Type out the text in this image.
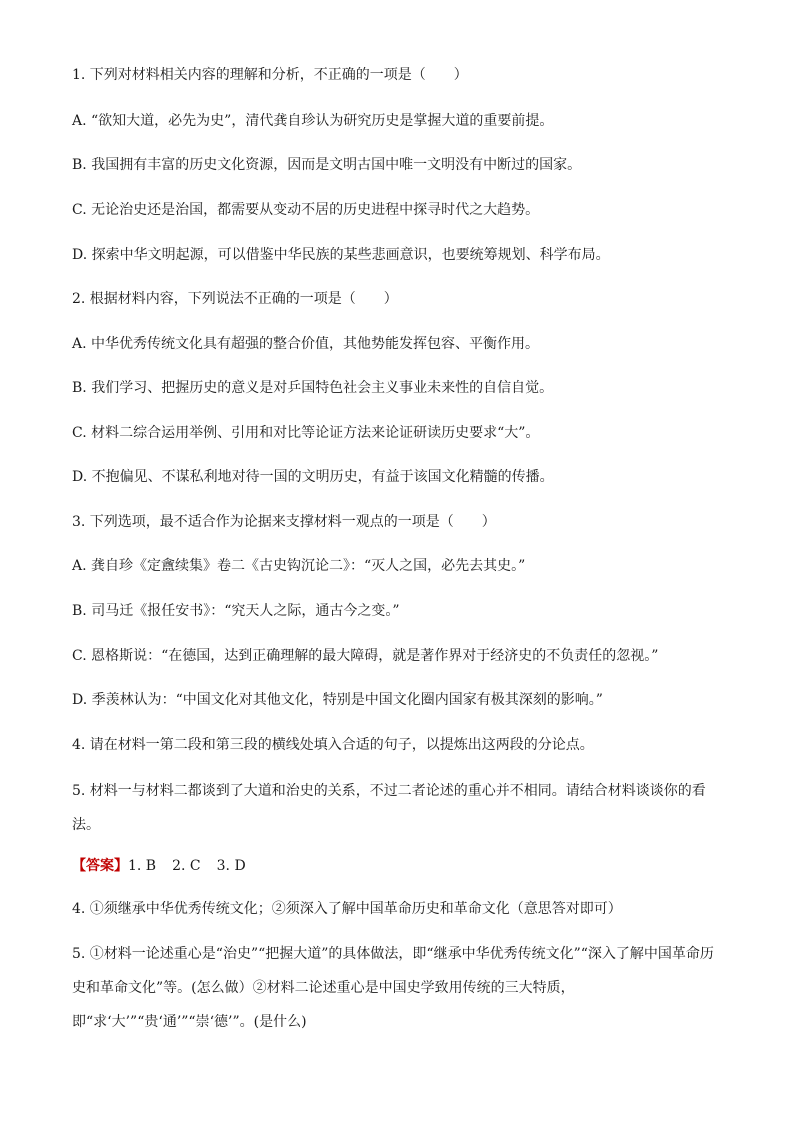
1. 下列对材料相关内容的理解和分析，不正确的一项是（　　）
A. “欲知大道，必先为史”，清代龚自珍认为研究历史是掌握大道的重要前提。
B. 我国拥有丰富的历史文化资源，因而是文明古国中唯一文明没有中断过的国家。
C. 无论治史还是治国，都需要从变动不居的历史进程中探寻时代之大趋势。
D. 探索中华文明起源，可以借鉴中华民族的某些悲画意识，也要统筹规划、科学布局。
2. 根据材料内容，下列说法不正确的一项是（　　）
A. 中华优秀传统文化具有超强的整合价值，其他势能发挥包容、平衡作用。
B. 我们学习、把握历史的意义是对乒国特色社会主义事业未来性的自信自觉。
C. 材料二综合运用举例、引用和对比等论证方法来论证研读历史要求“大”。
D. 不抱偏见、不谋私利地对待一国的文明历史，有益于该国文化精髓的传播。
3. 下列选项，最不适合作为论据来支撑材料一观点的一项是（　　）
A. 龚自珍《定盦续集》卷二《古史钩沉论二》：“灭人之国，必先去其史。”
B. 司马迁《报任安书》：“究天人之际，通古今之变。”
C. 恩格斯说：“在德国，达到正确理解的最大障碍，就是著作界对于经济史的不负责任的忽视。”
D. 季羡林认为：“中国文化对其他文化，特别是中国文化圈内国家有极其深刻的影响。”
4. 请在材料一第二段和第三段的横线处填入合适的句子，以提炼出这两段的分论点。
5. 材料一与材料二都谈到了大道和治史的关系，不过二者论述的重心并不相同。请结合材料谈谈你的看法。
【答案】1. B 2. C 3. D
4. ①须继承中华优秀传统文化；②须深入了解中国革命历史和革命文化（意思答对即可）
5. ①材料一论述重心是“治史”“把握大道”的具体做法，即“继承中华优秀传统文化”“深入了解中国革命历史和革命文化”等。(怎么做）②材料二论述重心是中国史学致用传统的三大特质，即“求‘大’”“贵‘通’”“崇‘德’”。(是什么)
